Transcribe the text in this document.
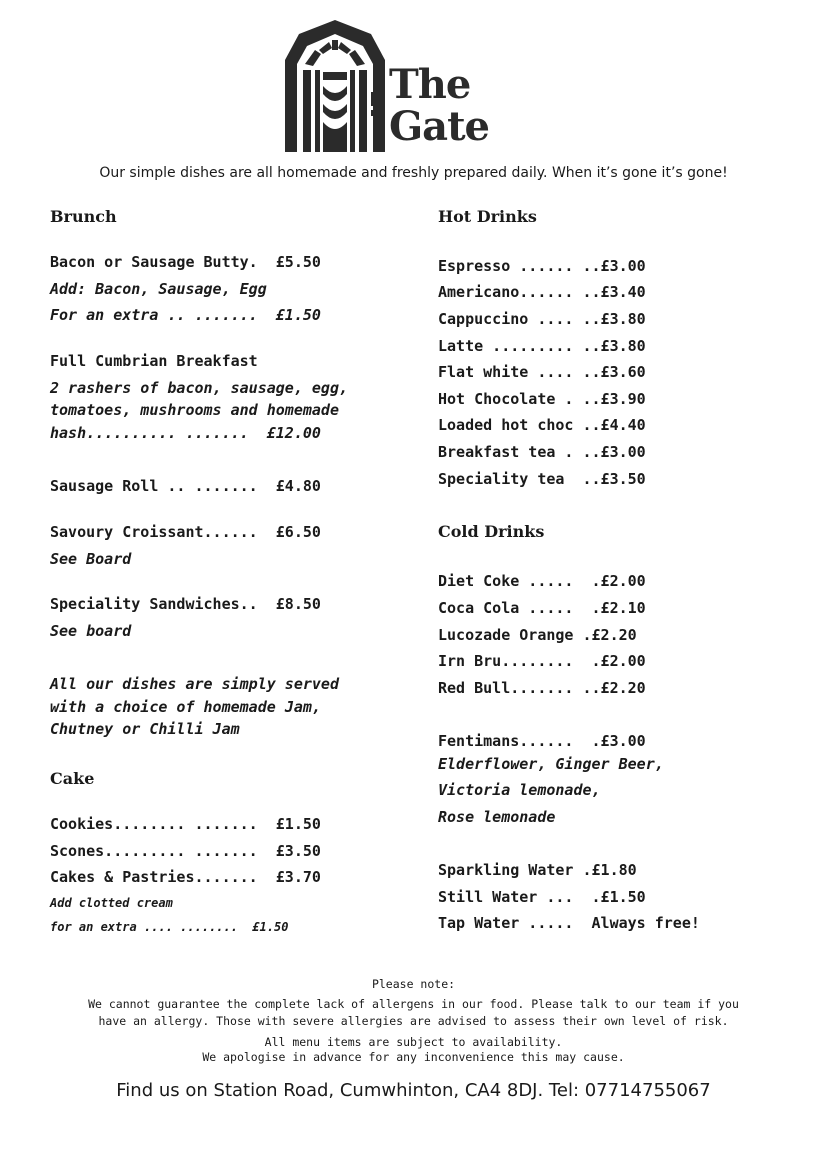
The
Gate
Our simple dishes are all homemade and freshly prepared daily. When it’s gone it’s gone!
Brunch
Bacon or Sausage Butty.  £5.50
Add: Bacon, Sausage, Egg
For an extra .. .......  £1.50
Full Cumbrian Breakfast
2 rashers of bacon, sausage, egg,
tomatoes, mushrooms and homemade
hash.......... .......  £12.00
Sausage Roll .. .......  £4.80
Savoury Croissant......  £6.50
See Board
Speciality Sandwiches..  £8.50
See board
All our dishes are simply served
with a choice of homemade Jam,
Chutney or Chilli Jam
Cake
Cookies........ .......  £1.50
Scones......... .......  £3.50
Cakes & Pastries.......  £3.70
Add clotted cream
for an extra .... ........  £1.50
Hot Drinks
Espresso ...... ..£3.00
Americano...... ..£3.40
Cappuccino .... ..£3.80
Latte ......... ..£3.80
Flat white .... ..£3.60
Hot Chocolate . ..£3.90
Loaded hot choc ..£4.40
Breakfast tea . ..£3.00
Speciality tea  ..£3.50
Cold Drinks
Diet Coke .....  .£2.00
Coca Cola .....  .£2.10
Lucozade Orange .£2.20
Irn Bru........  .£2.00
Red Bull....... ..£2.20
Fentimans......  .£3.00
Elderflower, Ginger Beer,
Victoria lemonade,
Rose lemonade
Sparkling Water .£1.80
Still Water ...  .£1.50
Tap Water .....  Always free!
Please note:
We cannot guarantee the complete lack of allergens in our food. Please talk to our team if you
have an allergy. Those with severe allergies are advised to assess their own level of risk.
All menu items are subject to availability.
We apologise in advance for any inconvenience this may cause.
Find us on Station Road, Cumwhinton, CA4 8DJ. Tel: 07714755067
